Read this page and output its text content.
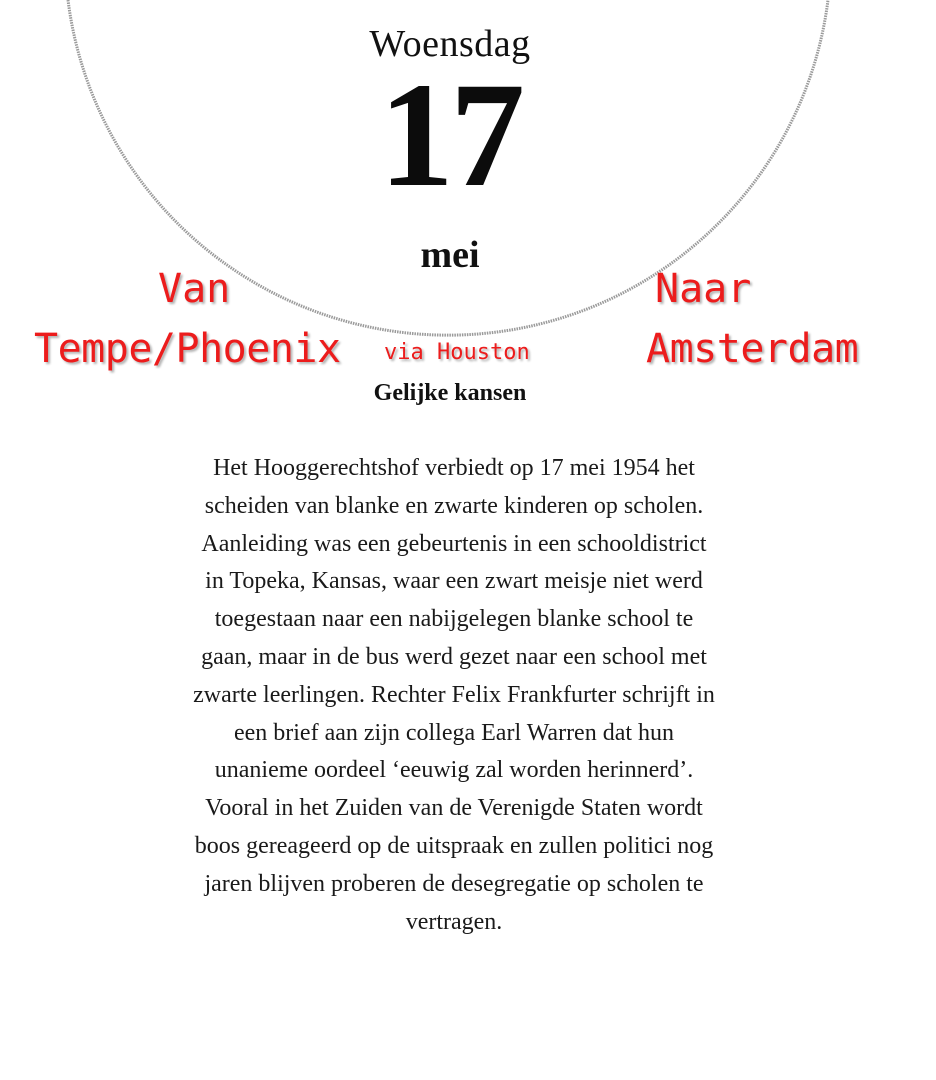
Woensdag
17
mei
Van
Tempe/Phoenix via Houston
Naar
Amsterdam
Gelijke kansen
Het Hooggerechtshof verbiedt op 17 mei 1954 het
scheiden van blanke en zwarte kinderen op scholen.
Aanleiding was een gebeurtenis in een schooldistrict
in Topeka, Kansas, waar een zwart meisje niet werd
toegestaan naar een nabijgelegen blanke school te
gaan, maar in de bus werd gezet naar een school met
zwarte leerlingen. Rechter Felix Frankfurter schrijft in
een brief aan zijn collega Earl Warren dat hun
unanieme oordeel ‘eeuwig zal worden herinnerd’.
Vooral in het Zuiden van de Verenigde Staten wordt
boos gereageerd op de uitspraak en zullen politici nog
jaren blijven proberen de desegregatie op scholen te
vertragen.
